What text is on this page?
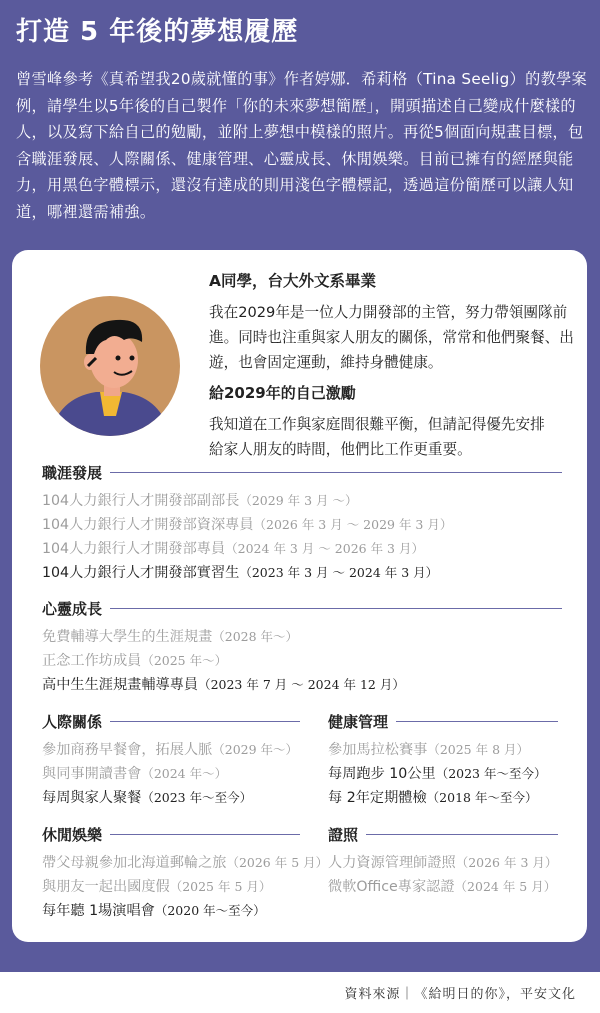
打造 5 年後的夢想履歷
曾雪峰參考《真希望我20歲就懂的事》作者婷娜．希莉格（Tina Seelig）的教學案例，請學生以5年後的自己製作「你的未來夢想簡歷」，開頭描述自己變成什麼樣的人，以及寫下給自己的勉勵，並附上夢想中模樣的照片。再從5個面向規畫目標，包含職涯發展、人際關係、健康管理、心靈成長、休閒娛樂。目前已擁有的經歷與能力，用黑色字體標示，還沒有達成的則用淺色字體標記，透過這份簡歷可以讓人知道，哪裡還需補強。
A同學，台大外文系畢業
我在2029年是一位人力開發部的主管，努力帶領團隊前進。同時也注重與家人朋友的關係，常常和他們聚餐、出遊，也會固定運動，維持身體健康。
給2029年的自己激勵
我知道在工作與家庭間很難平衡，但請記得優先安排給家人朋友的時間，他們比工作更重要。
職涯發展
104人力銀行人才開發部副部長（2029 年 3 月 ～）
104人力銀行人才開發部資深專員（2026 年 3 月 ～ 2029 年 3 月）
104人力銀行人才開發部專員（2024 年 3 月 ～ 2026 年 3 月）
104人力銀行人才開發部實習生（2023 年 3 月 ～ 2024 年 3 月）
心靈成長
免費輔導大學生的生涯規畫（2028 年～）
正念工作坊成員（2025 年～）
高中生生涯規畫輔導專員（2023 年 7 月 ～ 2024 年 12 月）
人際關係
參加商務早餐會，拓展人脈（2029 年～）
與同事開讀書會（2024 年～）
每周與家人聚餐（2023 年～至今）
健康管理
參加馬拉松賽事（2025 年 8 月）
每周跑步 10公里（2023 年～至今）
每 2年定期體檢（2018 年～至今）
休閒娛樂
帶父母親參加北海道郵輪之旅（2026 年 5 月）
與朋友一起出國度假（2025 年 5 月）
每年聽 1場演唱會（2020 年～至今）
證照
人力資源管理師證照（2026 年 3 月）
微軟Office專家認證（2024 年 5 月）
資料來源｜《給明日的你》，平安文化
